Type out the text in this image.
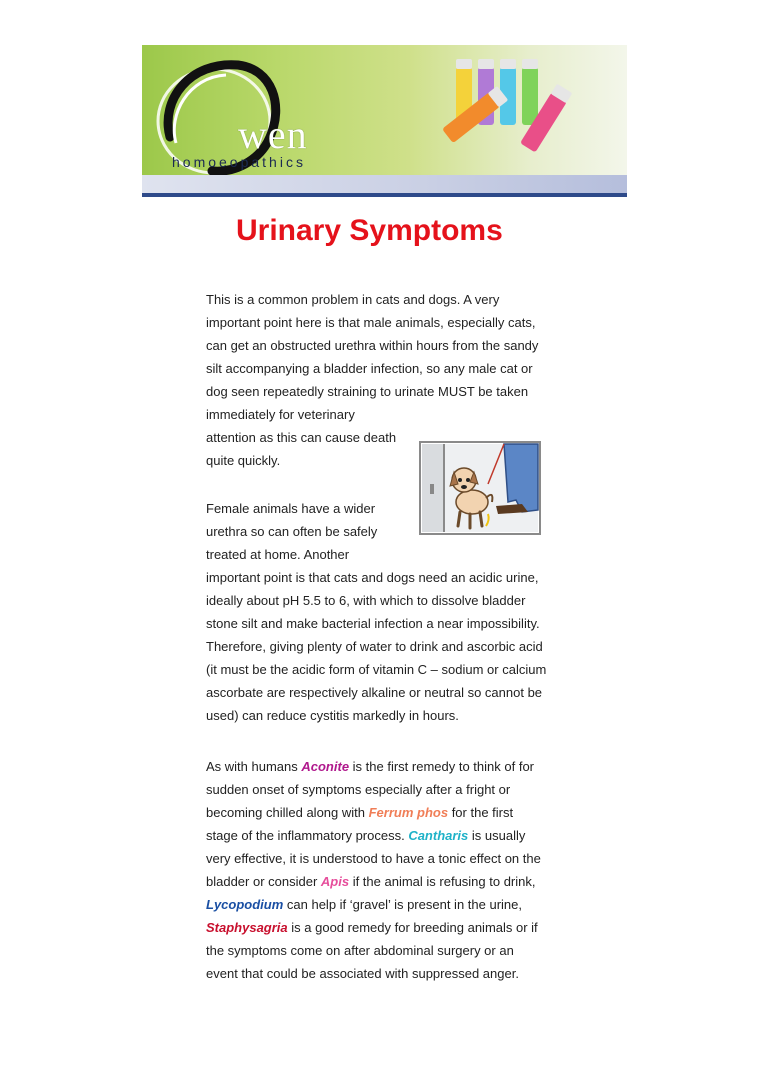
wen
homoeopathics
Urinary Symptoms
This is a common problem in cats and dogs. A very
important point here is that male animals, especially cats,
can get an obstructed urethra within hours from the sandy
silt accompanying a bladder infection, so any male cat or
dog seen repeatedly straining to urinate MUST be taken
immediately for veterinary
attention as this can cause death
quite quickly.
Female animals have a wider
urethra so can often be safely
treated at home. Another
important point is that cats and dogs need an acidic urine,
ideally about pH 5.5 to 6, with which to dissolve bladder
stone silt and make bacterial infection a near impossibility.
Therefore, giving plenty of water to drink and ascorbic acid
(it must be the acidic form of vitamin C – sodium or calcium
ascorbate are respectively alkaline or neutral so cannot be
used) can reduce cystitis markedly in hours.
As with humans Aconite is the first remedy to think of for
sudden onset of symptoms especially after a fright or
becoming chilled along with Ferrum phos for the first
stage of the inflammatory process. Cantharis is usually
very effective, it is understood to have a tonic effect on the
bladder or consider Apis if the animal is refusing to drink,
Lycopodium can help if ‘gravel’ is present in the urine,
Staphysagria is a good remedy for breeding animals or if
the symptoms come on after abdominal surgery or an
event that could be associated with suppressed anger.
